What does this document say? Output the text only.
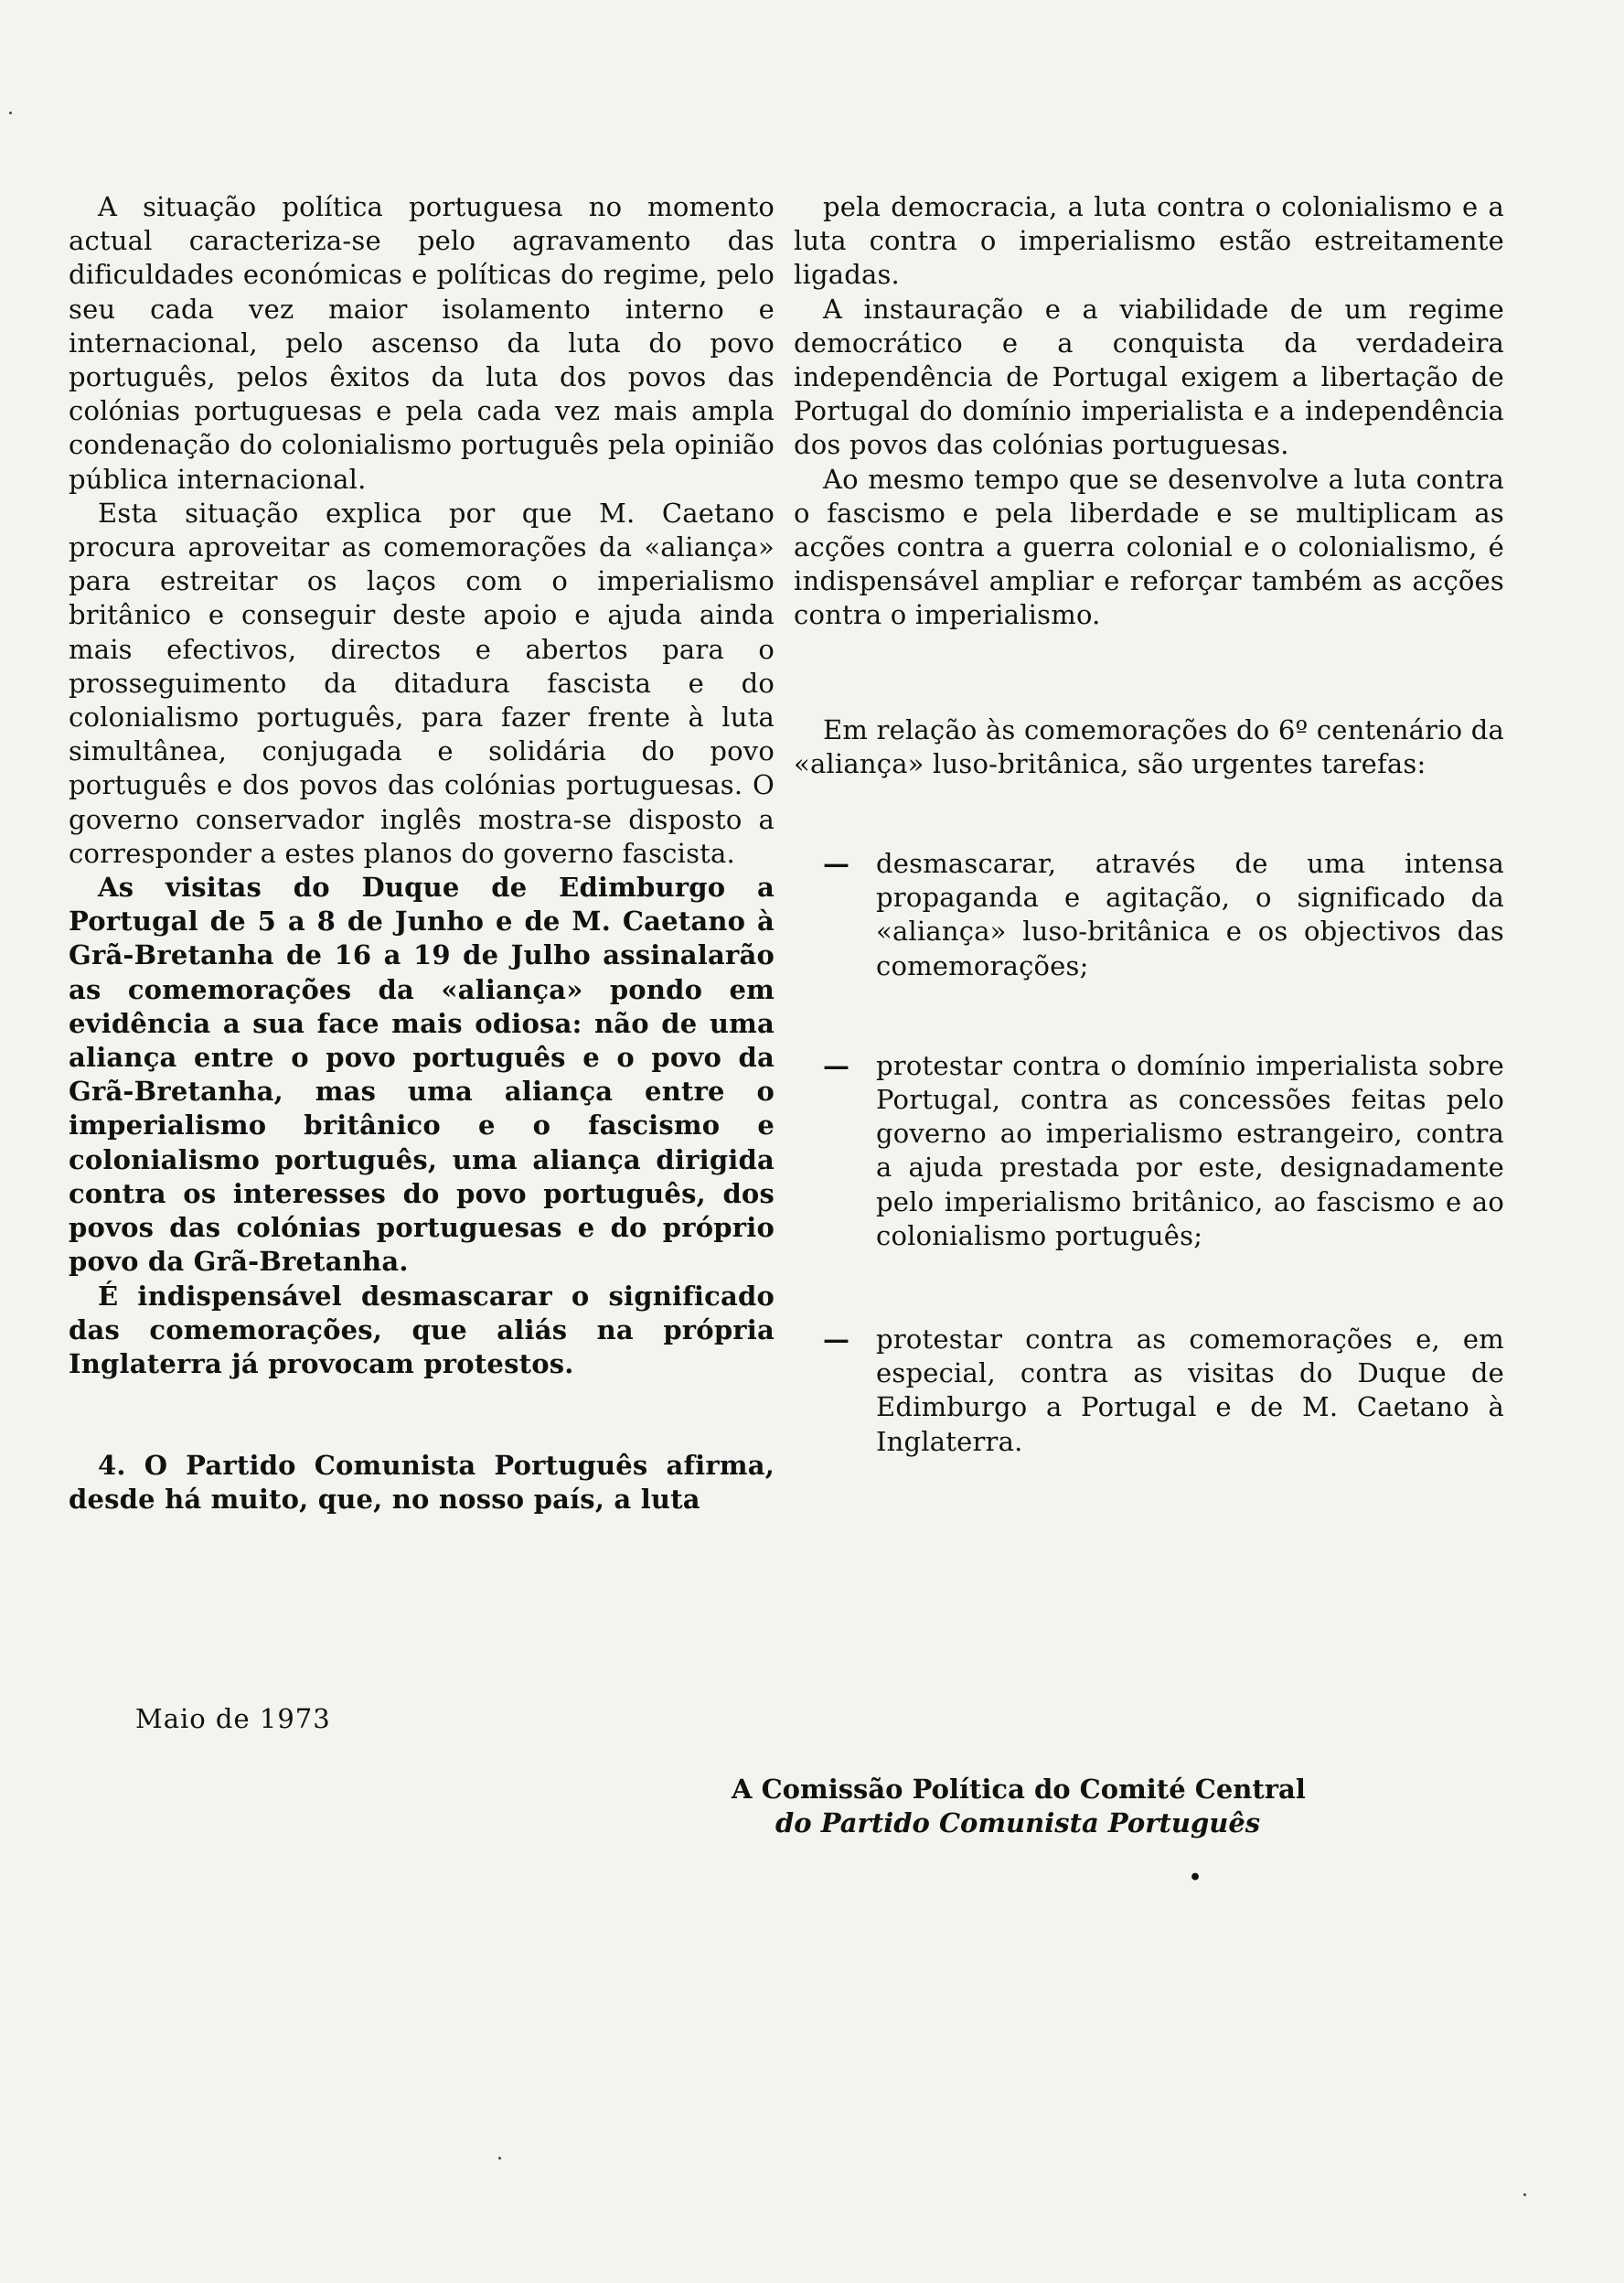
A situação política portuguesa no momento actual caracteriza-se pelo agravamento das dificuldades económicas e políticas do regime, pelo seu cada vez maior isolamento interno e internacional, pelo ascenso da luta do povo português, pelos êxitos da luta dos povos das colónias portuguesas e pela cada vez mais ampla condenação do colonialismo português pela opinião pública internacional.

Esta situação explica por que M. Caetano procura aproveitar as comemorações da «aliança» para estreitar os laços com o imperialismo britânico e conseguir deste apoio e ajuda ainda mais efectivos, directos e abertos para o prosseguimento da ditadura fascista e do colonialismo português, para fazer frente à luta simultânea, conjugada e solidária do povo português e dos povos das colónias portuguesas. O governo conservador inglês mostra-se disposto a corresponder a estes planos do governo fascista.

As visitas do Duque de Edimburgo a Portugal de 5 a 8 de Junho e de M. Caetano à Grã-Bretanha de 16 a 19 de Julho assinalarão as comemorações da «aliança» pondo em evidência a sua face mais odiosa: não de uma aliança entre o povo português e o povo da Grã-Bretanha, mas uma aliança entre o imperialismo britânico e o fascismo e colonialismo português, uma aliança dirigida contra os interesses do povo português, dos povos das colónias portuguesas e do próprio povo da Grã-Bretanha.

É indispensável desmascarar o significado das comemorações, que aliás na própria Inglaterra já provocam protestos.

4. O Partido Comunista Português afirma, desde há muito, que, no nosso país, a luta

pela democracia, a luta contra o colonialismo e a luta contra o imperialismo estão estreitamente ligadas.

A instauração e a viabilidade de um regime democrático e a conquista da verdadeira independência de Portugal exigem a libertação de Portugal do domínio imperialista e a independência dos povos das colónias portuguesas.

Ao mesmo tempo que se desenvolve a luta contra o fascismo e pela liberdade e se multiplicam as acções contra a guerra colonial e o colonialismo, é indispensável ampliar e reforçar também as acções contra o imperialismo.

Em relação às comemorações do 6º centenário da «aliança» luso-britânica, são urgentes tarefas:

— desmascarar, através de uma intensa propaganda e agitação, o significado da «aliança» luso-britânica e os objectivos das comemorações;
— protestar contra o domínio imperialista sobre Portugal, contra as concessões feitas pelo governo ao imperialismo estrangeiro, contra a ajuda prestada por este, designadamente pelo imperialismo britânico, ao fascismo e ao colonialismo português;
— protestar contra as comemorações e, em especial, contra as visitas do Duque de Edimburgo a Portugal e de M. Caetano à Inglaterra.
Maio de 1973
A Comissão Política do Comité Central
do Partido Comunista Português
•
